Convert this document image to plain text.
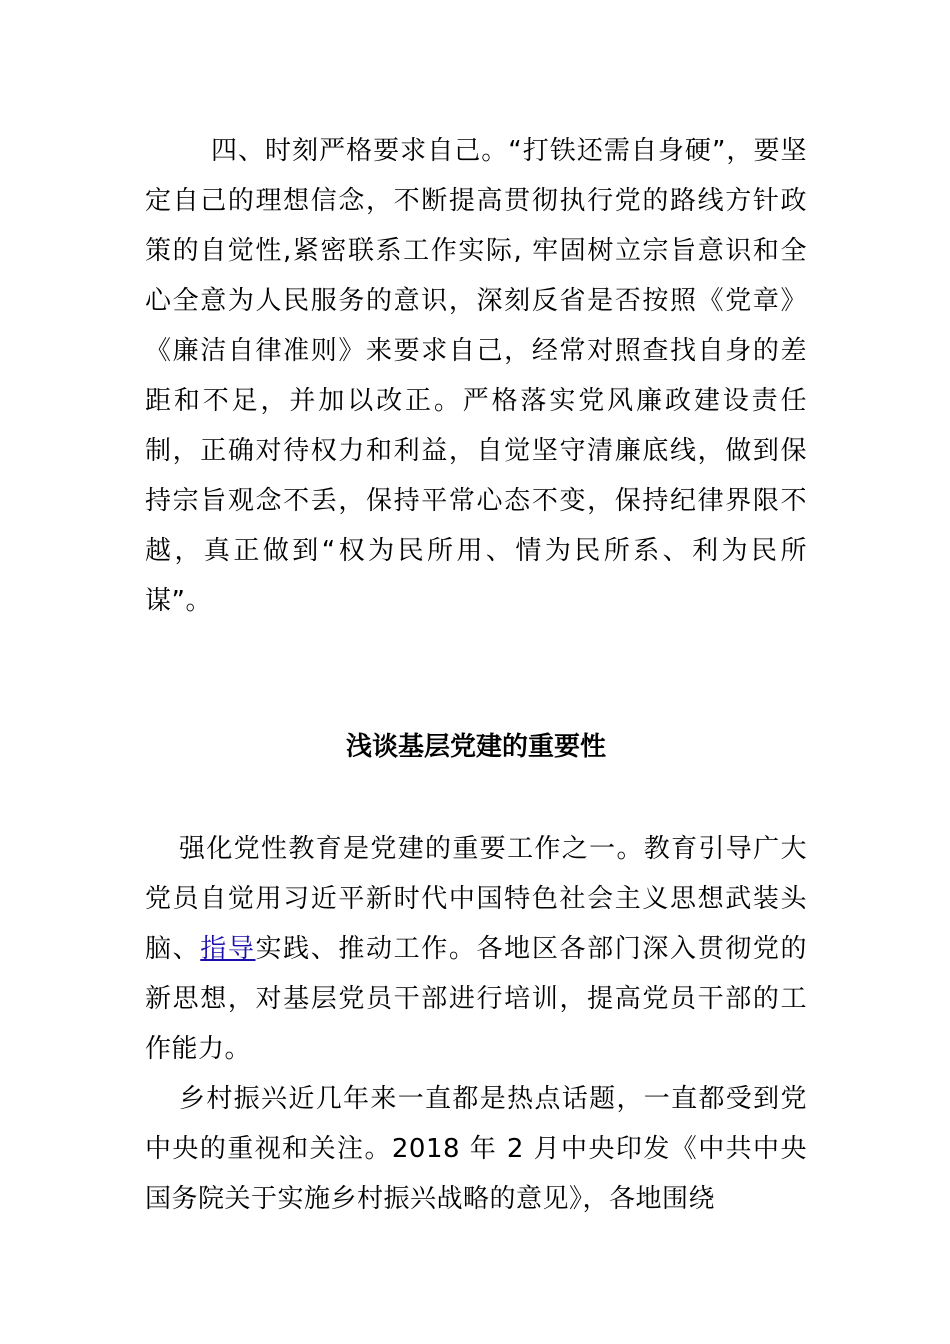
四、时刻严格要求自己。“打铁还需自身硬”，要坚定自己的理想信念，不断提高贯彻执行党的路线方针政策的自觉性,紧密联系工作实际, 牢固树立宗旨意识和全心全意为人民服务的意识，深刻反省是否按照《党章》《廉洁自律准则》来要求自己，经常对照查找自身的差距和不足，并加以改正。严格落实党风廉政建设责任制，正确对待权力和利益，自觉坚守清廉底线，做到保持宗旨观念不丢，保持平常心态不变，保持纪律界限不越，真正做到“权为民所用、情为民所系、利为民所谋”。

浅谈基层党建的重要性

强化党性教育是党建的重要工作之一。教育引导广大党员自觉用习近平新时代中国特色社会主义思想武装头脑、指导实践、推动工作。各地区各部门深入贯彻党的新思想，对基层党员干部进行培训，提高党员干部的工作能力。

乡村振兴近几年来一直都是热点话题，一直都受到党中央的重视和关注。2018 年 2 月中央印发《中共中央国务院关于实施乡村振兴战略的意见》，各地围绕
